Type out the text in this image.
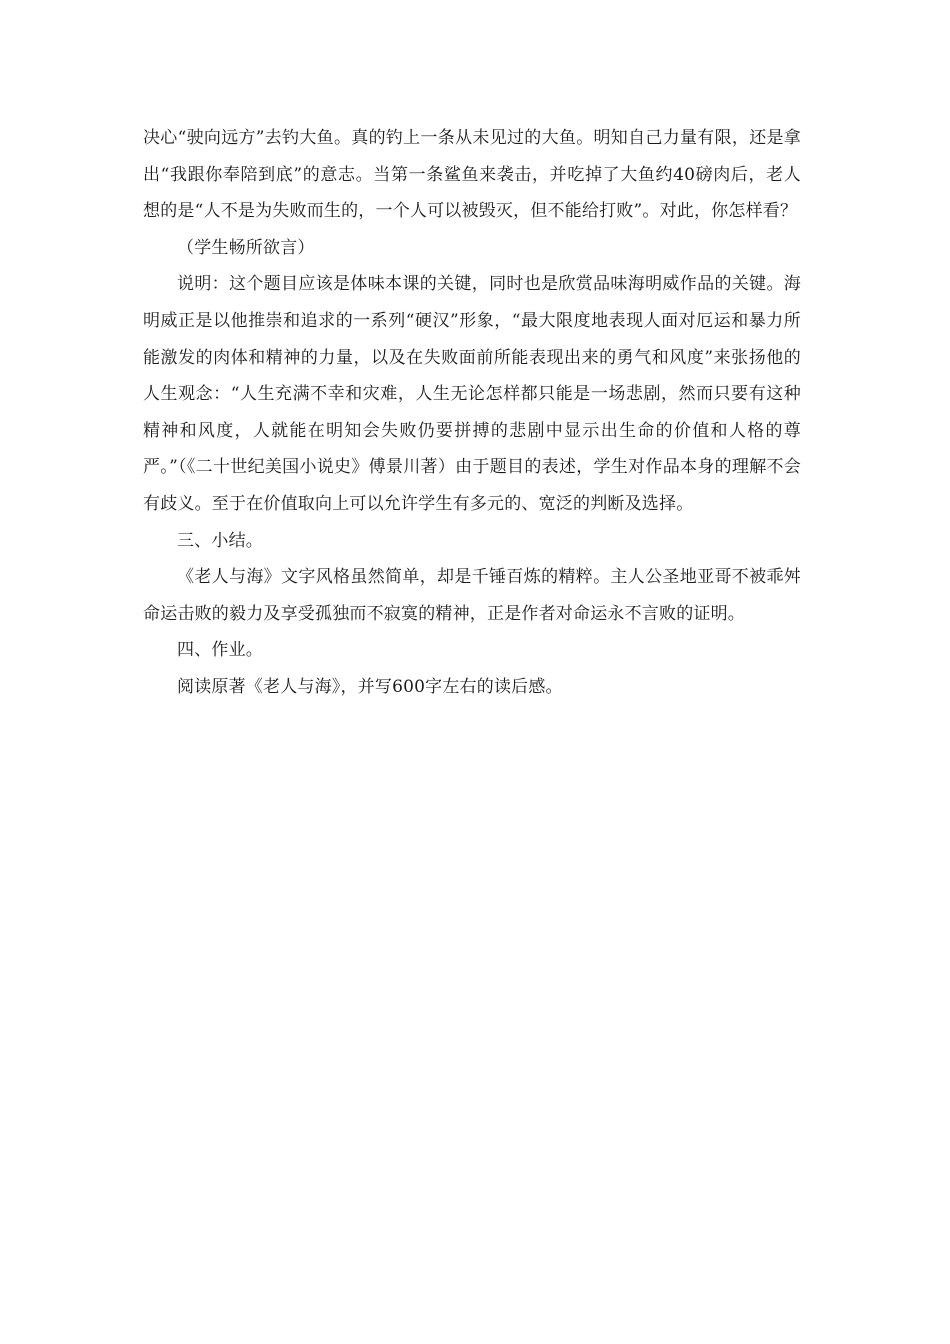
决心“驶向远方”去钓大鱼。真的钓上一条从未见过的大鱼。明知自己力量有限，还是拿出“我跟你奉陪到底”的意志。当第一条鲨鱼来袭击，并吃掉了大鱼约40磅肉后，老人想的是“人不是为失败而生的，一个人可以被毁灭，但不能给打败”。对此，你怎样看？

（学生畅所欲言）

说明：这个题目应该是体味本课的关键，同时也是欣赏品味海明威作品的关键。海明威正是以他推崇和追求的一系列“硬汉”形象，“最大限度地表现人面对厄运和暴力所能激发的肉体和精神的力量，以及在失败面前所能表现出来的勇气和风度”来张扬他的人生观念：“人生充满不幸和灾难，人生无论怎样都只能是一场悲剧，然而只要有这种精神和风度，人就能在明知会失败仍要拼搏的悲剧中显示出生命的价值和人格的尊严。”（《二十世纪美国小说史》傅景川著）由于题目的表述，学生对作品本身的理解不会有歧义。至于在价值取向上可以允许学生有多元的、宽泛的判断及选择。

三、小结。

《老人与海》文字风格虽然简单，却是千锤百炼的精粹。主人公圣地亚哥不被乖舛命运击败的毅力及享受孤独而不寂寞的精神，正是作者对命运永不言败的证明。

四、作业。

阅读原著《老人与海》，并写600字左右的读后感。
